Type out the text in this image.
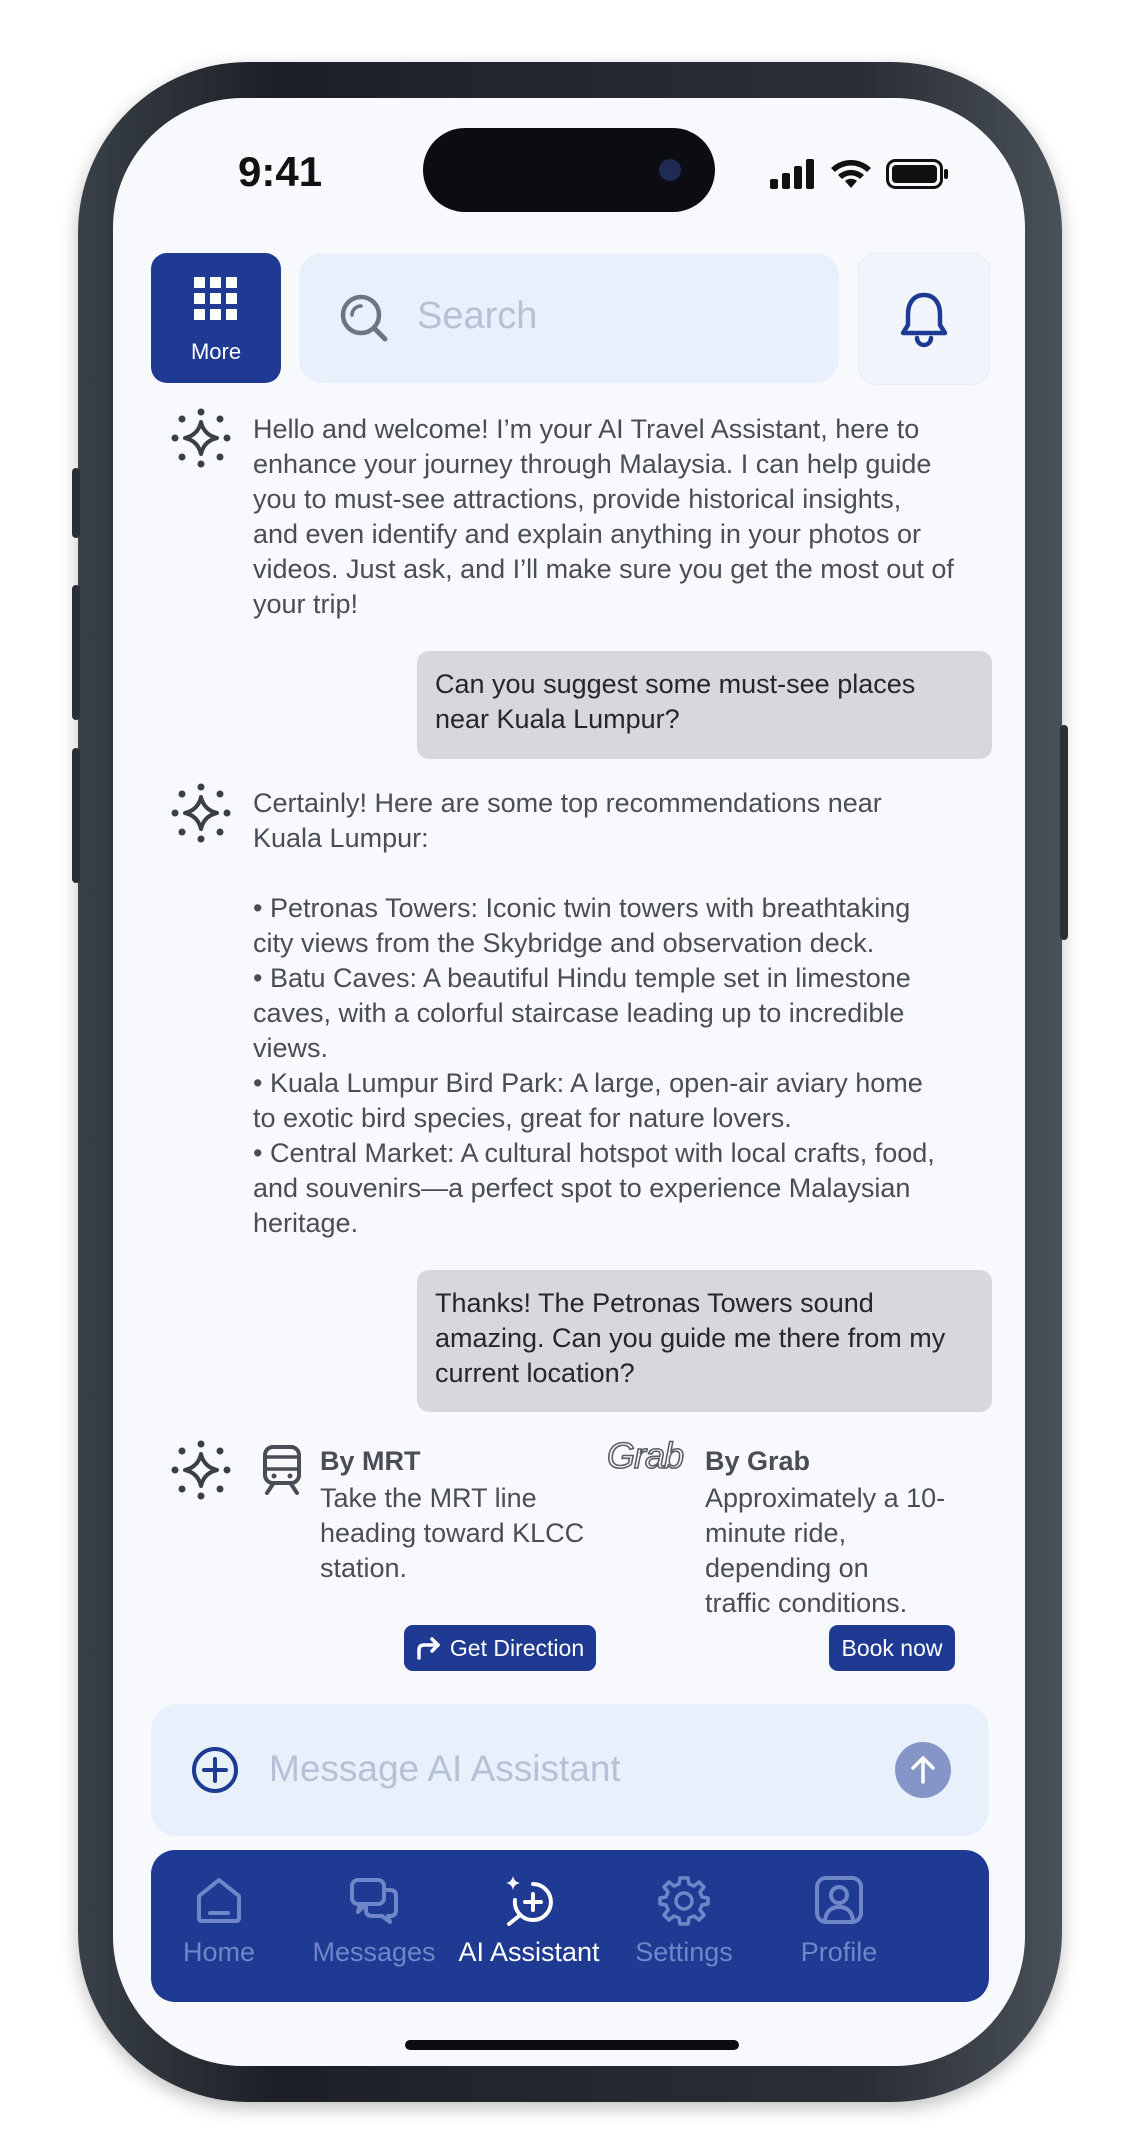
9:41
More
Search
Hello and welcome! I’m your AI Travel Assistant, here to
enhance your journey through Malaysia. I can help guide
you to must-see attractions, provide historical insights,
and even identify and explain anything in your photos or
videos. Just ask, and I’ll make sure you get the most out of
your trip!
Can you suggest some must-see places near Kuala Lumpur?
Certainly! Here are some top recommendations near
Kuala Lumpur:

• Petronas Towers: Iconic twin towers with breathtaking
city views from the Skybridge and observation deck.
• Batu Caves: A beautiful Hindu temple set in limestone
caves, with a colorful staircase leading up to incredible
views.
• Kuala Lumpur Bird Park: A large, open-air aviary home
to exotic bird species, great for nature lovers.
• Central Market: A cultural hotspot with local crafts, food,
and souvenirs—a perfect spot to experience Malaysian
heritage.
Thanks! The Petronas Towers sound amazing. Can you guide me there from my current location?
By MRT
Take the MRT line
heading toward KLCC
station.
Get Direction
Grab By Grab
Approximately a 10-
minute ride,
depending on
traffic conditions.
Book now
Message AI Assistant
Home	Messages AI Assistant	Settings	Profile
